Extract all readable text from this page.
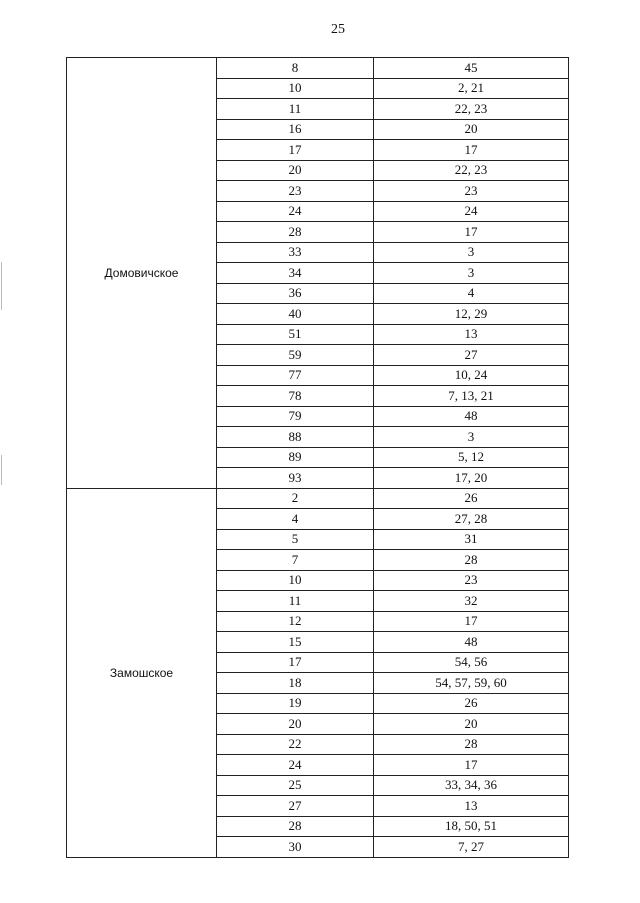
25
Домовичское	8	45
	10	2, 21
	11	22, 23
	16	20
	17	17
	20	22, 23
	23	23
	24	24
	28	17
	33	3
	34	3
	36	4
	40	12, 29
	51	13
	59	27
	77	10, 24
	78	7, 13, 21
	79	48
	88	3
	89	5, 12
	93	17, 20
Замошское	2	26
	4	27, 28
	5	31
	7	28
	10	23
	11	32
	12	17
	15	48
	17	54, 56
	18	54, 57, 59, 60
	19	26
	20	20
	22	28
	24	17
	25	33, 34, 36
	27	13
	28	18, 50, 51
	30	7, 27
